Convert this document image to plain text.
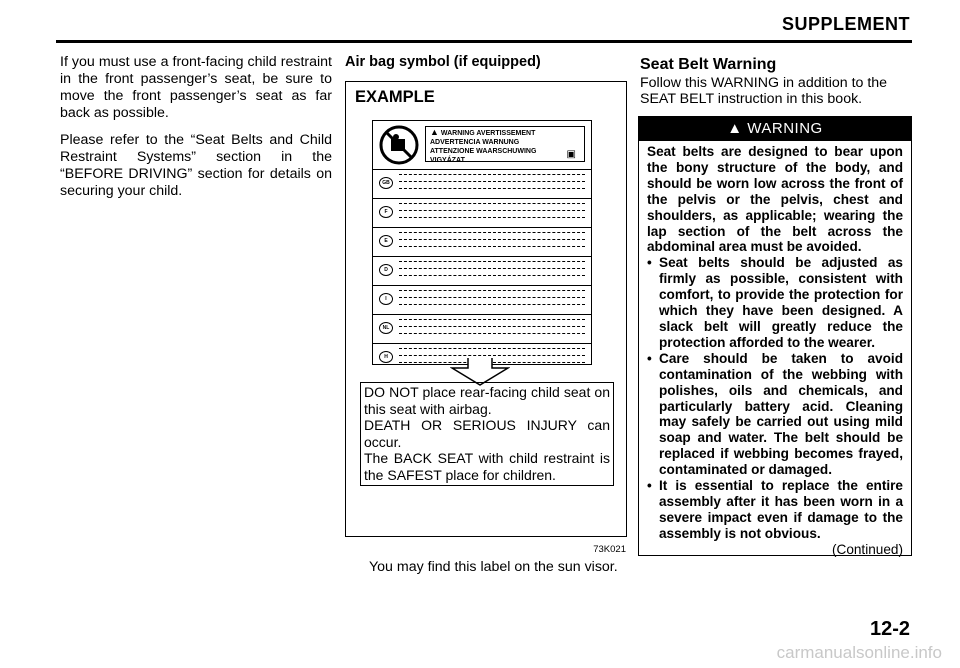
SUPPLEMENT

If you must use a front-facing child restraint in the front passenger’s seat, be sure to move the front passenger’s seat as far back as possible.

Please refer to the “Seat Belts and Child Restraint Systems” section in the “BEFORE DRIVING” section for details on securing your child.

Air bag symbol (if equipped)
EXAMPLE
▲ WARNING AVERTISSEMENT
ADVERTENCIA WARNUNG
ATTENZIONE WAARSCHUWING
VIGYÁZAT
▣
GB
F
E
D
I
NL
H

DO NOT place rear-facing child seat on this seat with airbag.

DEATH OR SERIOUS INJURY can occur.

The BACK SEAT with child restraint is the SAFEST place for children.

73K021
You may find this label on the sun visor.
Seat Belt Warning
Follow this WARNING in addition to the SEAT BELT instruction in this book.
▲ WARNING

Seat belts are designed to bear upon the bony structure of the body, and should be worn low across the front of the pelvis or the pelvis, chest and shoulders, as applicable; wearing the lap section of the belt across the abdominal area must be avoided.

• Seat belts should be adjusted as firmly as possible, consistent with comfort, to provide the protection for which they have been designed. A slack belt will greatly reduce the protection afforded to the wearer.
• Care should be taken to avoid contamination of the webbing with polishes, oils and chemicals, and particularly battery acid. Cleaning may safely be carried out using mild soap and water. The belt should be replaced if webbing becomes frayed, contaminated or damaged.
• It is essential to replace the entire assembly after it has been worn in a severe impact even if damage to the assembly is not obvious.
(Continued)
12-2
carmanualsonline.info
